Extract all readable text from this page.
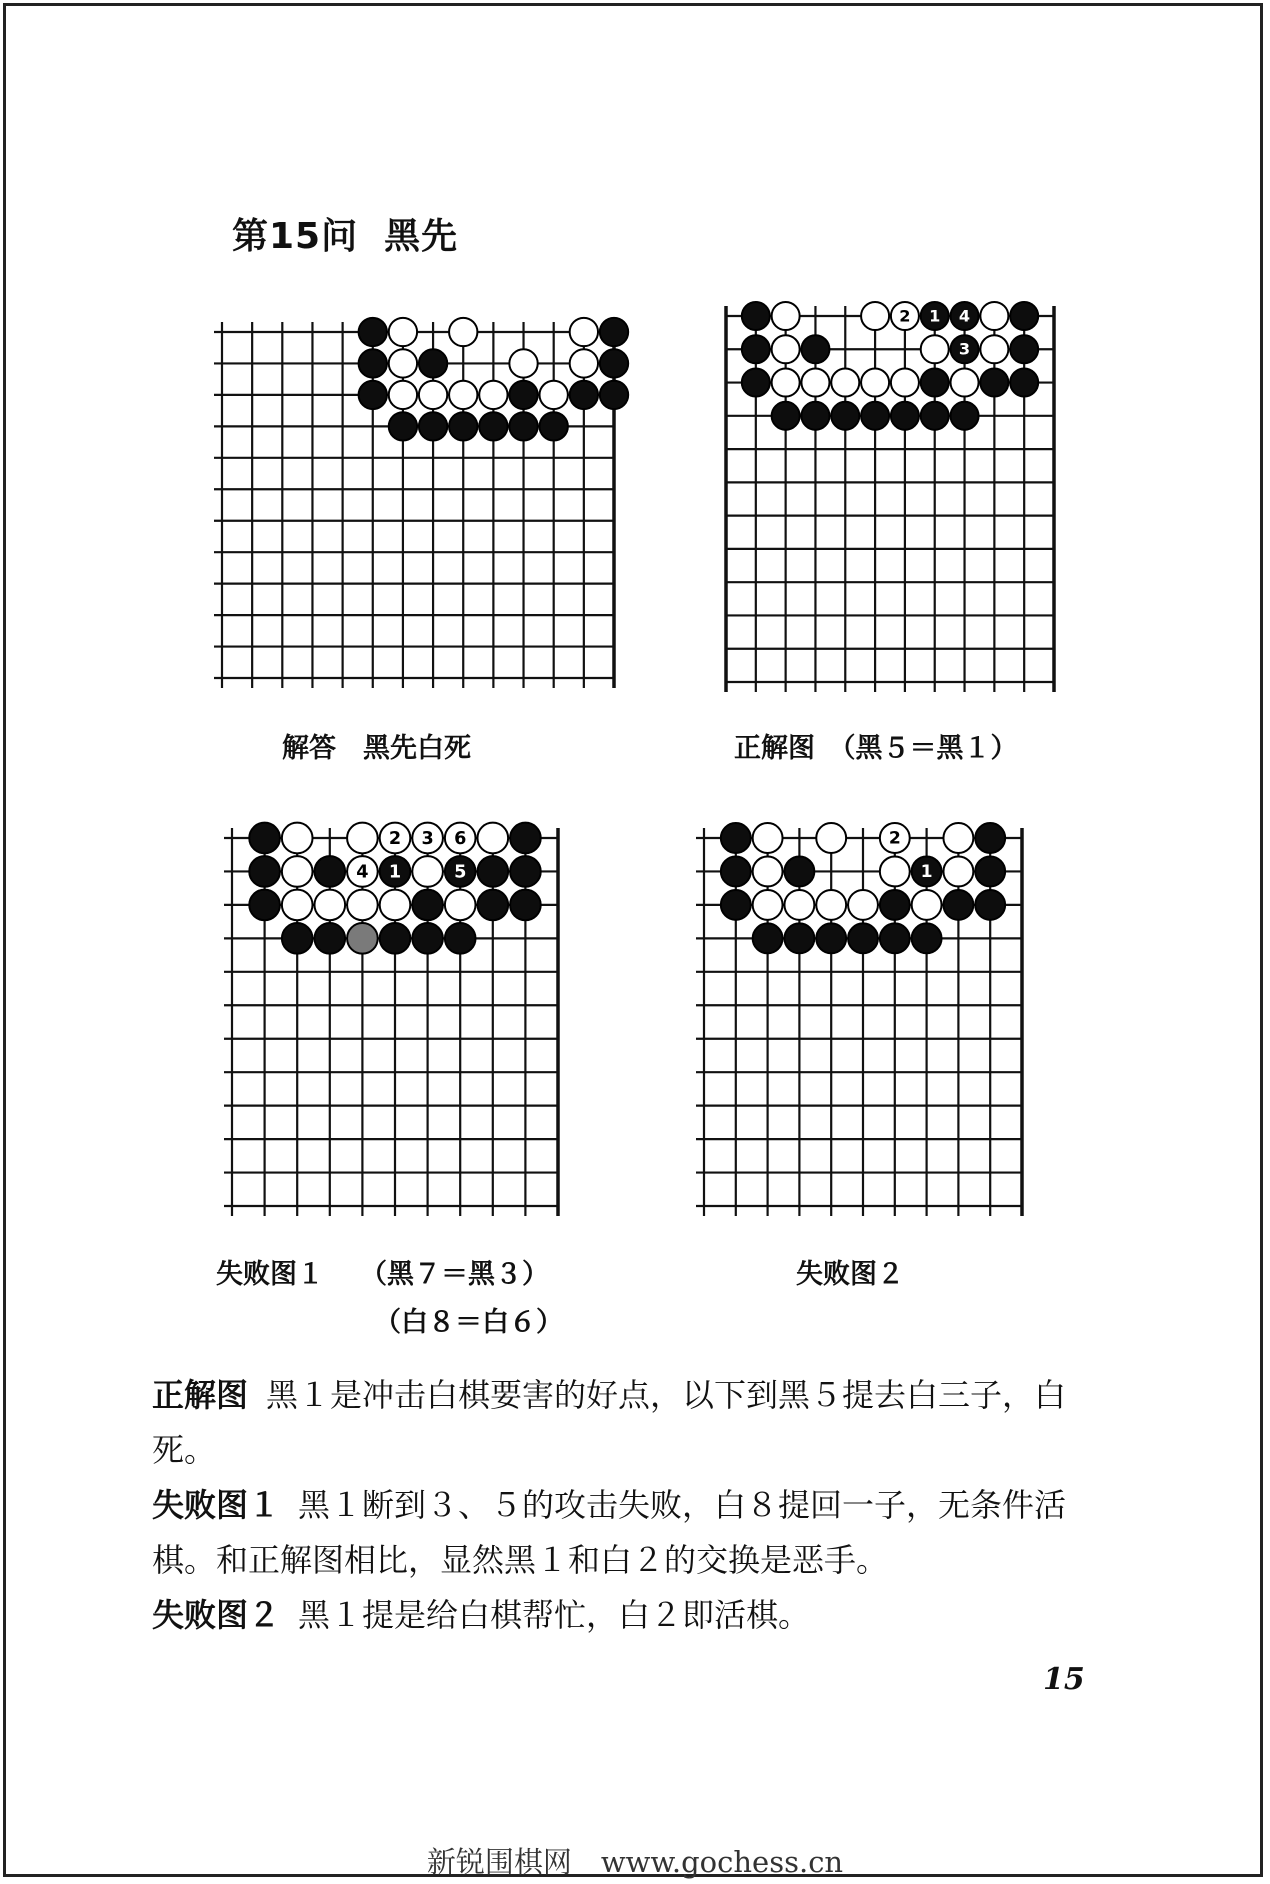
第15问 黑先
2 1 4
3
2 3 6
4 1	5
2
1
解答　黑先白死	正解图　（黑５＝黑１）
失败图１ （黑７＝黑３）
（白８＝白６）
失败图２
正解图 黑１是冲击白棋要害的好点，以下到黑５提去白三子，白死。
失败图１ 黑１断到３、５的攻击失败，白８提回一子，无条件活棋。和正解图相比，显然黑１和白２的交换是恶手。
失败图２ 黑１提是给白棋帮忙，白２即活棋。
15
新锐围棋网　www.gochess.cn
